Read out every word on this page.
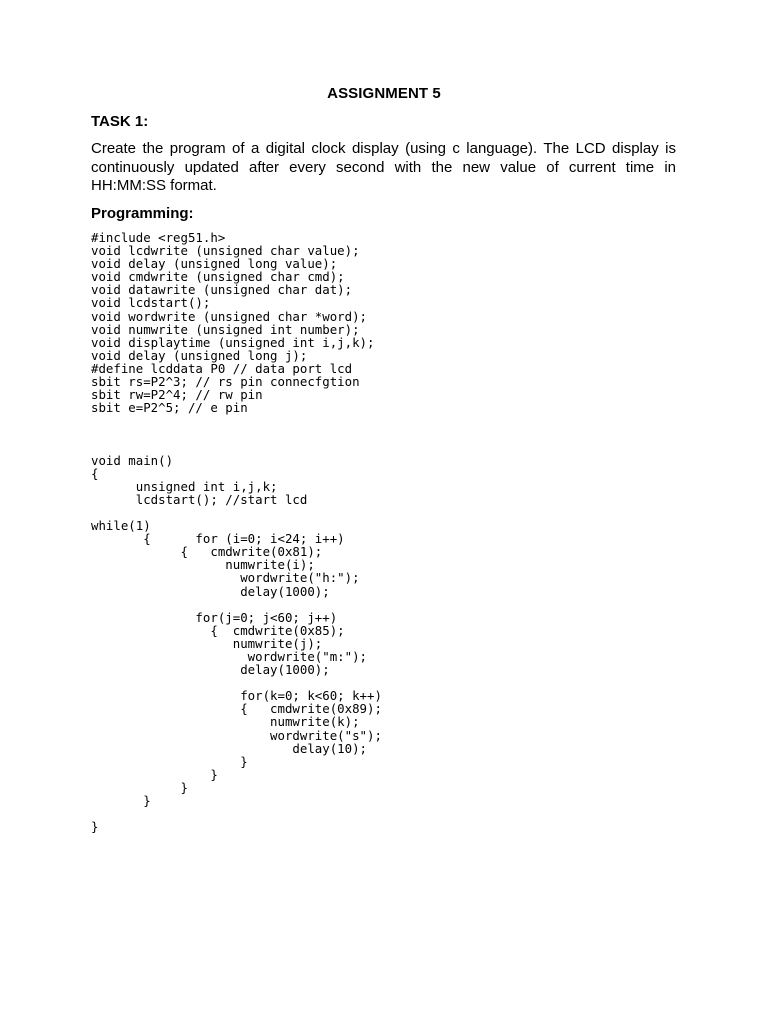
ASSIGNMENT 5
TASK 1:
Create the program of a digital clock display (using c language). The LCD display is continuously updated after every second with the new value of current time in HH:MM:SS format.
Programming:
#include <reg51.h>
void lcdwrite (unsigned char value);
void delay (unsigned long value);
void cmdwrite (unsigned char cmd);
void datawrite (unsigned char dat);
void lcdstart();
void wordwrite (unsigned char *word);
void numwrite (unsigned int number);
void displaytime (unsigned int i,j,k);
void delay (unsigned long j);
#define lcddata P0 // data port lcd
sbit rs=P2^3; // rs pin connecfgtion
sbit rw=P2^4; // rw pin
sbit e=P2^5; // e pin

void main()
{
unsigned int i,j,k;
lcdstart(); //start lcd

while(1)
{      for (i=0; i<24; i++)
{   cmdwrite(0x81);
numwrite(i);
wordwrite("h:");
delay(1000);

for(j=0; j<60; j++)
{  cmdwrite(0x85);
numwrite(j);
wordwrite("m:");
delay(1000);

for(k=0; k<60; k++)
{   cmdwrite(0x89);
numwrite(k);
wordwrite("s");
delay(10);
}
}
}
}

}
